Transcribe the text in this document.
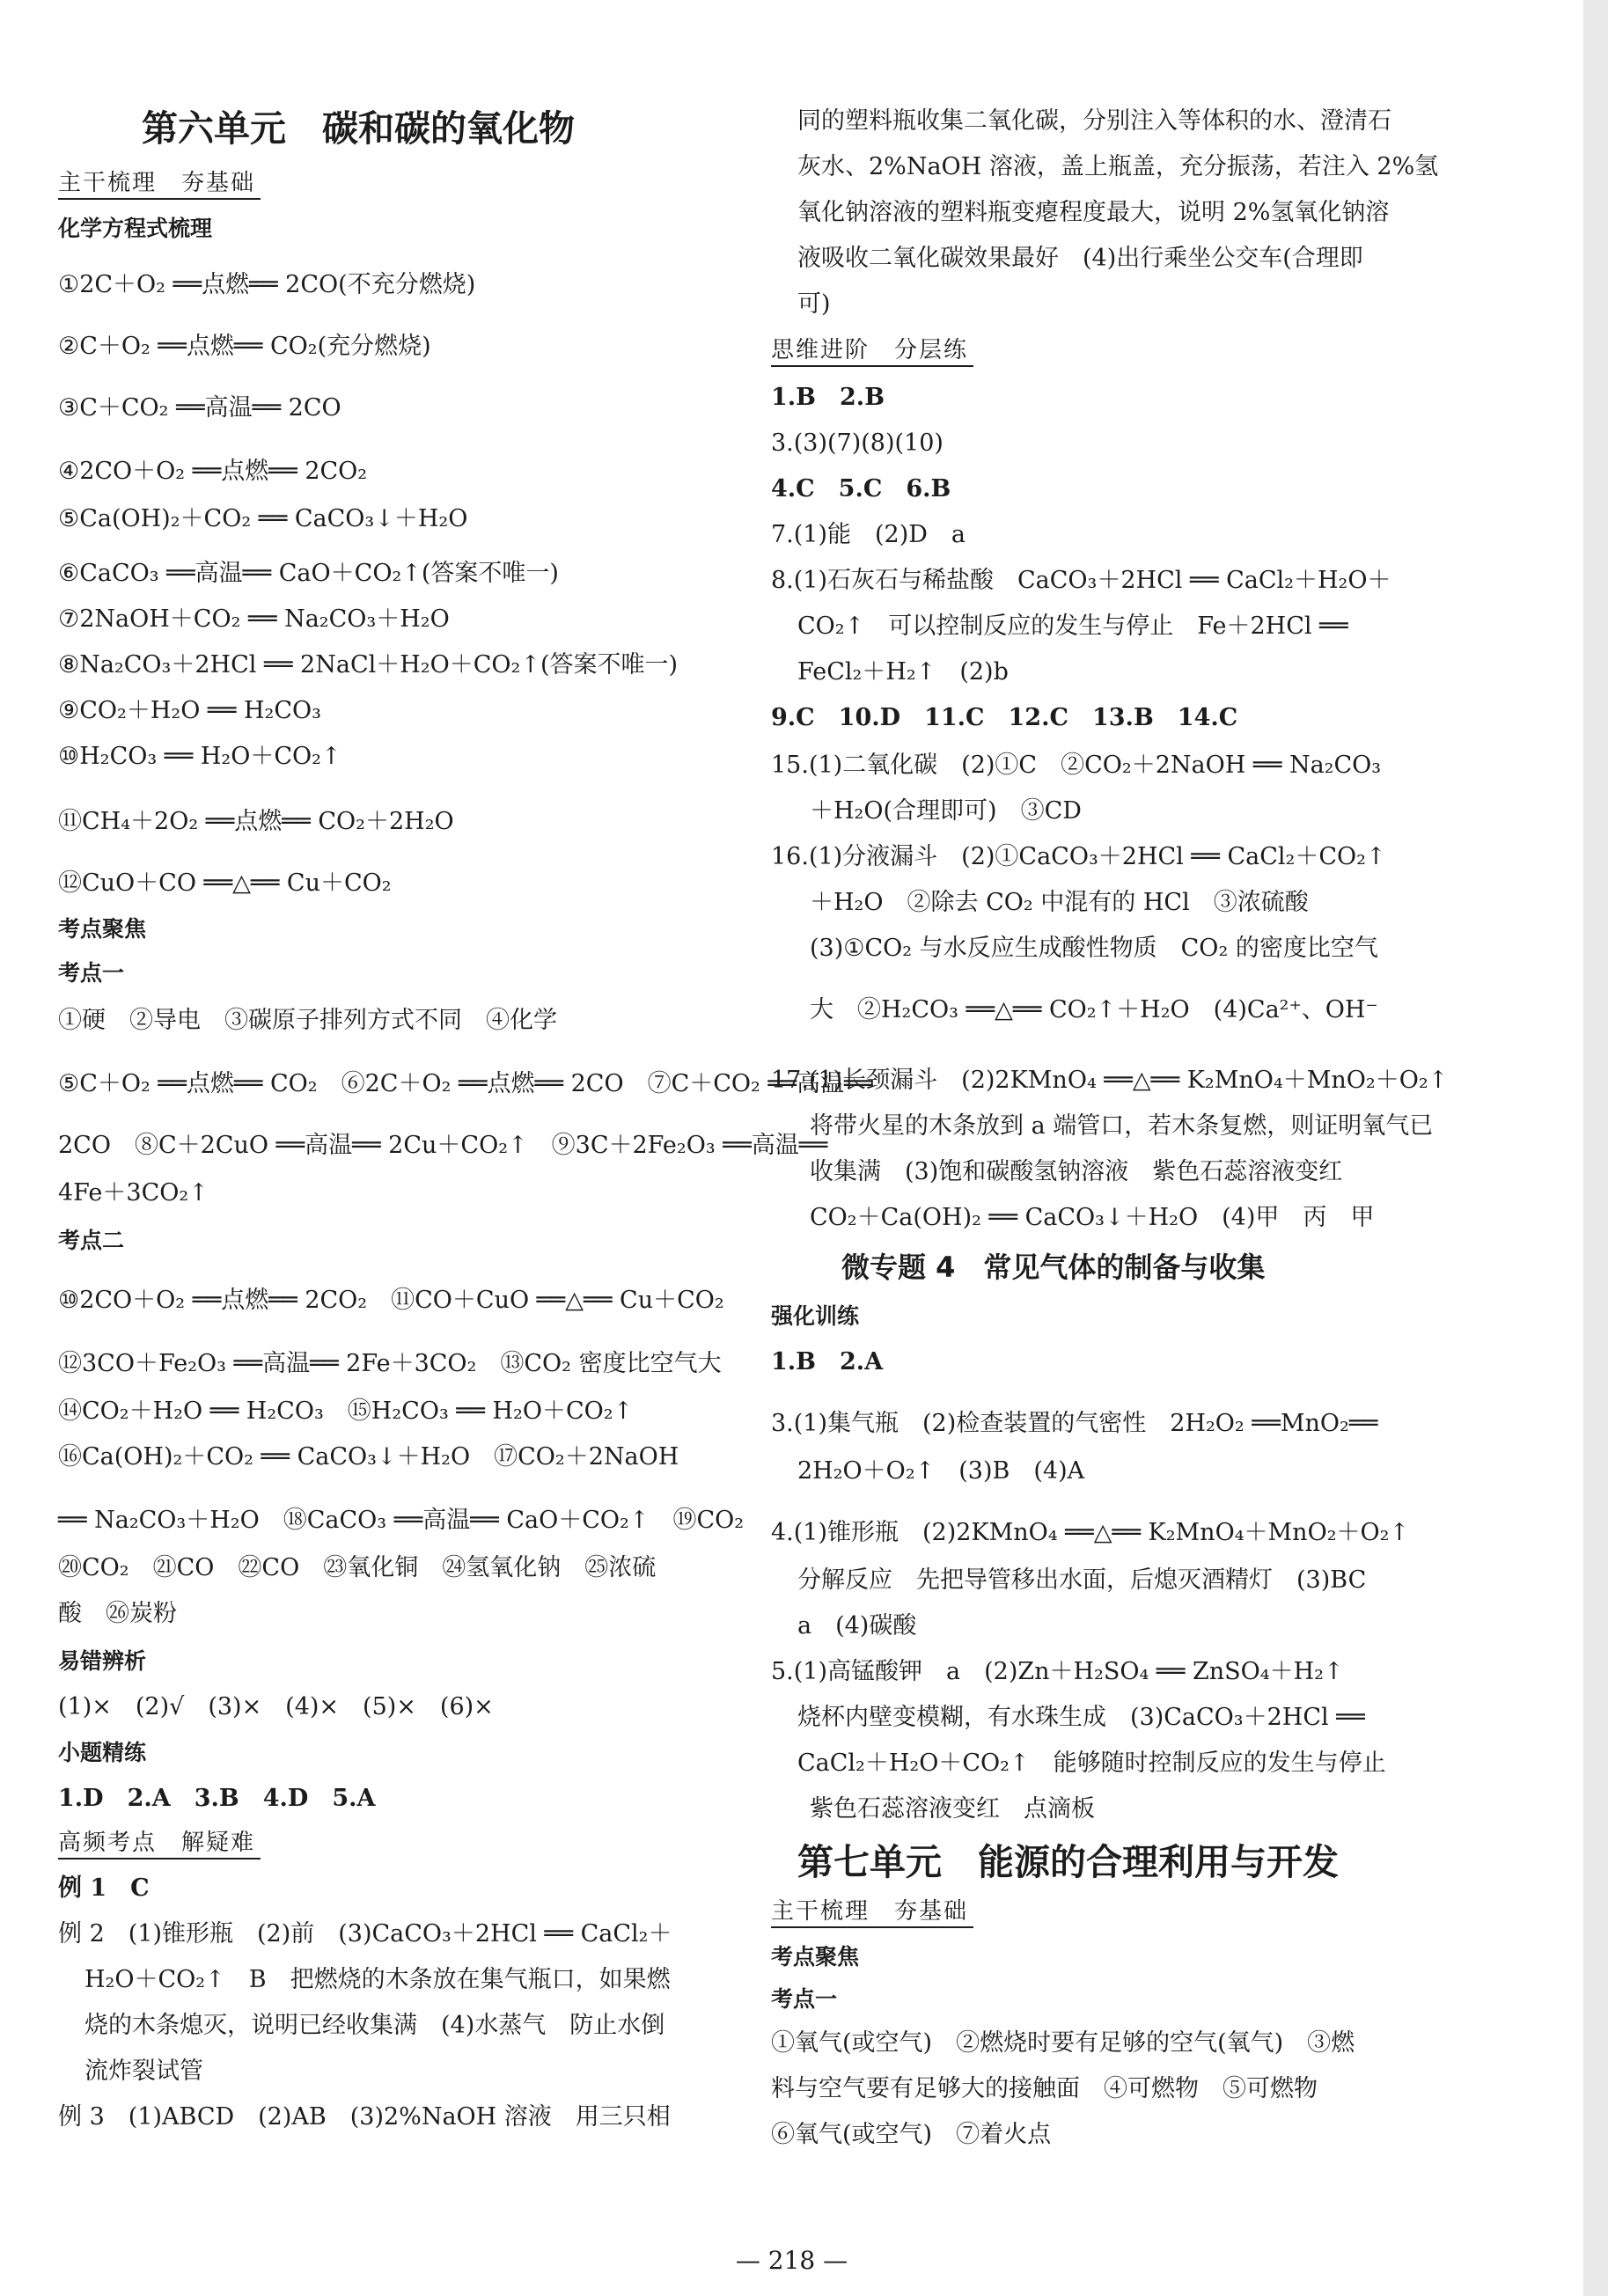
第六单元　碳和碳的氧化物
主干梳理　夯基础
化学方程式梳理
①2C＋O₂ ══点燃══ 2CO(不充分燃烧)
②C＋O₂ ══点燃══ CO₂(充分燃烧)
③C＋CO₂ ══高温══ 2CO
④2CO＋O₂ ══点燃══ 2CO₂
⑤Ca(OH)₂＋CO₂ ══ CaCO₃↓＋H₂O
⑥CaCO₃ ══高温══ CaO＋CO₂↑(答案不唯一)
⑦2NaOH＋CO₂ ══ Na₂CO₃＋H₂O
⑧Na₂CO₃＋2HCl ══ 2NaCl＋H₂O＋CO₂↑(答案不唯一)
⑨CO₂＋H₂O ══ H₂CO₃
⑩H₂CO₃ ══ H₂O＋CO₂↑
⑪CH₄＋2O₂ ══点燃══ CO₂＋2H₂O
⑫CuO＋CO ══△══ Cu＋CO₂
考点聚焦
考点一
①硬　②导电　③碳原子排列方式不同　④化学
⑤C＋O₂ ══点燃══ CO₂　⑥2C＋O₂ ══点燃══ 2CO　⑦C＋CO₂ ══高温══
2CO　⑧C＋2CuO ══高温══ 2Cu＋CO₂↑　⑨3C＋2Fe₂O₃ ══高温══
4Fe＋3CO₂↑
考点二
⑩2CO＋O₂ ══点燃══ 2CO₂　⑪CO＋CuO ══△══ Cu＋CO₂
⑫3CO＋Fe₂O₃ ══高温══ 2Fe＋3CO₂　⑬CO₂ 密度比空气大
⑭CO₂＋H₂O ══ H₂CO₃　⑮H₂CO₃ ══ H₂O＋CO₂↑
⑯Ca(OH)₂＋CO₂ ══ CaCO₃↓＋H₂O　⑰CO₂＋2NaOH
══ Na₂CO₃＋H₂O　⑱CaCO₃ ══高温══ CaO＋CO₂↑　⑲CO₂
⑳CO₂　㉑CO　㉒CO　㉓氧化铜　㉔氢氧化钠　㉕浓硫
酸　㉖炭粉
易错辨析
(1)×　(2)√　(3)×　(4)×　(5)×　(6)×
小题精练
1.D　2.A　3.B　4.D　5.A
高频考点　解疑难
例 1　C
例 2　(1)锥形瓶　(2)前　(3)CaCO₃＋2HCl ══ CaCl₂＋
H₂O＋CO₂↑　B　把燃烧的木条放在集气瓶口，如果燃
烧的木条熄灭，说明已经收集满　(4)水蒸气　防止水倒
流炸裂试管
例 3　(1)ABCD　(2)AB　(3)2%NaOH 溶液　用三只相
同的塑料瓶收集二氧化碳，分别注入等体积的水、澄清石
灰水、2%NaOH 溶液，盖上瓶盖，充分振荡，若注入 2%氢
氧化钠溶液的塑料瓶变瘪程度最大，说明 2%氢氧化钠溶
液吸收二氧化碳效果最好　(4)出行乘坐公交车(合理即
可)
思维进阶　分层练
1.B　2.B
3.(3)(7)(8)(10)
4.C　5.C　6.B
7.(1)能　(2)D　a
8.(1)石灰石与稀盐酸　CaCO₃＋2HCl ══ CaCl₂＋H₂O＋
CO₂↑　可以控制反应的发生与停止　Fe＋2HCl ══
FeCl₂＋H₂↑　(2)b
9.C　10.D　11.C　12.C　13.B　14.C
15.(1)二氧化碳　(2)①C　②CO₂＋2NaOH ══ Na₂CO₃
＋H₂O(合理即可)　③CD
16.(1)分液漏斗　(2)①CaCO₃＋2HCl ══ CaCl₂＋CO₂↑
＋H₂O　②除去 CO₂ 中混有的 HCl　③浓硫酸
(3)①CO₂ 与水反应生成酸性物质　CO₂ 的密度比空气
大　②H₂CO₃ ══△══ CO₂↑＋H₂O　(4)Ca²⁺、OH⁻
17.(1)长颈漏斗　(2)2KMnO₄ ══△══ K₂MnO₄＋MnO₂＋O₂↑
将带火星的木条放到 a 端管口，若木条复燃，则证明氧气已
收集满　(3)饱和碳酸氢钠溶液　紫色石蕊溶液变红
CO₂＋Ca(OH)₂ ══ CaCO₃↓＋H₂O　(4)甲　丙　甲
微专题 4　常见气体的制备与收集
强化训练
1.B　2.A
3.(1)集气瓶　(2)检查装置的气密性　2H₂O₂ ══MnO₂══
2H₂O＋O₂↑　(3)B　(4)A
4.(1)锥形瓶　(2)2KMnO₄ ══△══ K₂MnO₄＋MnO₂＋O₂↑
分解反应　先把导管移出水面，后熄灭酒精灯　(3)BC
a　(4)碳酸
5.(1)高锰酸钾　a　(2)Zn＋H₂SO₄ ══ ZnSO₄＋H₂↑
烧杯内壁变模糊，有水珠生成　(3)CaCO₃＋2HCl ══
CaCl₂＋H₂O＋CO₂↑　能够随时控制反应的发生与停止
紫色石蕊溶液变红　点滴板
第七单元　能源的合理利用与开发
主干梳理　夯基础
考点聚焦
考点一
①氧气(或空气)　②燃烧时要有足够的空气(氧气)　③燃
料与空气要有足够大的接触面　④可燃物　⑤可燃物
⑥氧气(或空气)　⑦着火点
— 218 —
